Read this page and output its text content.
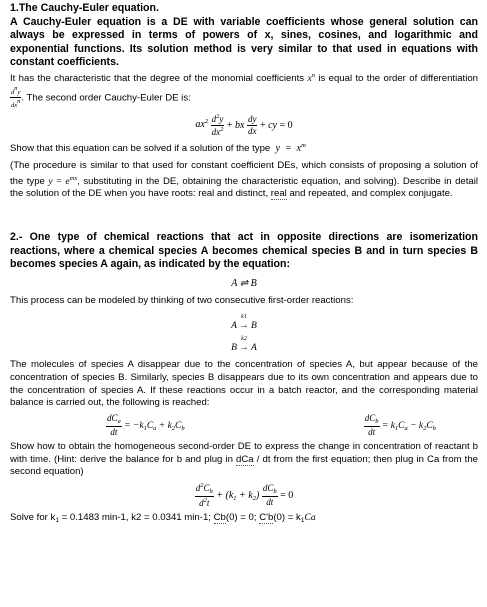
1.The Cauchy-Euler equation.

A Cauchy-Euler equation is a DE with variable coefficients whose general solution can always be expressed in terms of powers of x, sines, cosines, and logarithmic and exponential functions. Its solution method is very similar to that used in equations with constant coefficients.

It has the characteristic that the degree of the monomial coefficients $x^n$ is equal to the order of differentiation
$\frac{\text{dny}}{\text{dxn}}$ . The second order Cauchy-Euler DE is:

$ax^2 \frac{d^2y}{dx^2}$ + bx $\frac{dy}{dx}$ + cy = 0

Show that this equation can be solved if a solution of the type  $y = x^m$

(The procedure is similar to that used for constant coefficient DEs, which consists of proposing a solution of the type $y = e^{mx}$, substituting in the DE, obtaining the characteristic equation, and solving). Describe in detail the solution of the DE when you have roots: real and distinct, real and repeated, and complex conjugate.

2.- One type of chemical reactions that act in opposite directions are isomerization reactions, where a chemical species A becomes chemical species B and in turn species B becomes species A again, as indicated by the equation:

A ⇌ B

This process can be modeled by thinking of two consecutive first-order reactions:

k1
A → B
k2
B → A

The molecules of species A disappear due to the concentration of species A, but appear because of the concentration of species B. Similarly, species B disappears due to its own concentration and appears due to the concentration of species A. If these reactions occur in a batch reactor, and the corresponding material balance is carried out, the following is reached:

$\frac{dC_a}{dt} = -k_1C_a + k_2C_b$	$\frac{dC_b}{dt} = k_1C_a - k_2C_b$

Show how to obtain the homogeneous second-order DE to express the change in concentration of reactant b with time. (Hint: derive the balance for b and plug in dCa / dt from the first equation; then plug in Ca from the second equation)

$\frac{d^2C_b}{d^2t} + (k_1 + k_2) \frac{dC_b}{dt} = 0$

Solve for $k_1 = 0.1483$ min-1, k2 = 0.0341 min-1; Cb(0) = 0; $C'b(0) = k_1Ca$
